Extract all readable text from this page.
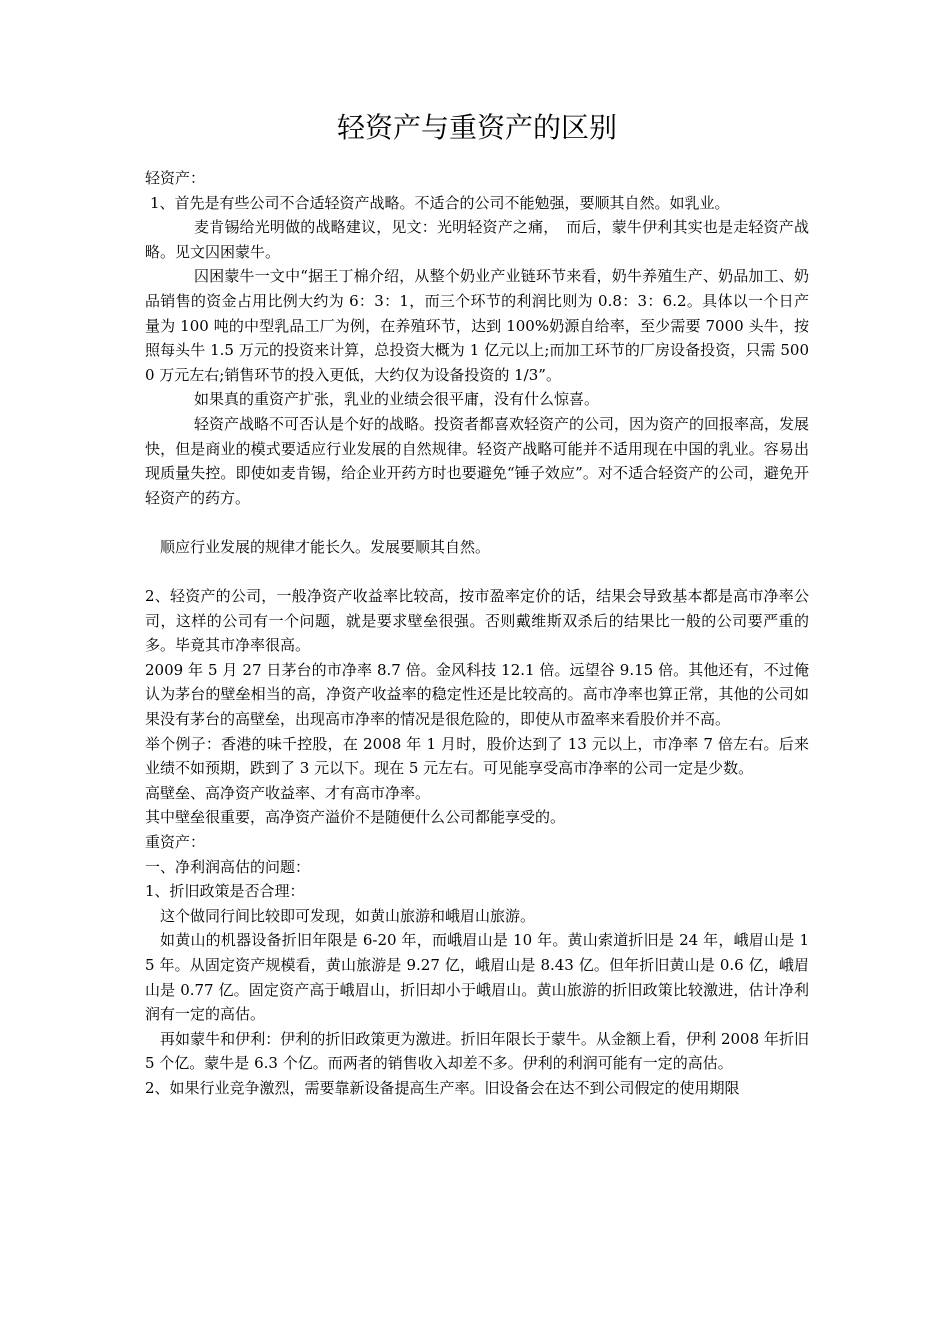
轻资产与重资产的区别

轻资产：

1、首先是有些公司不合适轻资产战略。不适合的公司不能勉强，要顺其自然。如乳业。

麦肯锡给光明做的战略建议，见文：光明轻资产之痛，　而后，蒙牛伊利其实也是走轻资产战略。见文囚困蒙牛。

囚困蒙牛一文中“据王丁棉介绍，从整个奶业产业链环节来看，奶牛养殖生产、奶品加工、奶品销售的资金占用比例大约为 6：3：1，而三个环节的利润比则为 0.8：3：6.2。具体以一个日产量为 100 吨的中型乳品工厂为例，在养殖环节，达到 100%奶源自给率，至少需要 7000 头牛，按照每头牛 1.5 万元的投资来计算，总投资大概为 1 亿元以上;而加工环节的厂房设备投资，只需 5000 万元左右;销售环节的投入更低，大约仅为设备投资的 1/3”。

如果真的重资产扩张，乳业的业绩会很平庸，没有什么惊喜。

轻资产战略不可否认是个好的战略。投资者都喜欢轻资产的公司，因为资产的回报率高，发展快，但是商业的模式要适应行业发展的自然规律。轻资产战略可能并不适用现在中国的乳业。容易出现质量失控。即使如麦肯锡，给企业开药方时也要避免“锤子效应”。对不适合轻资产的公司，避免开轻资产的药方。

顺应行业发展的规律才能长久。发展要顺其自然。

2、轻资产的公司，一般净资产收益率比较高，按市盈率定价的话，结果会导致基本都是高市净率公司，这样的公司有一个问题，就是要求壁垒很强。否则戴维斯双杀后的结果比一般的公司要严重的多。毕竟其市净率很高。

2009 年 5 月 27 日茅台的市净率 8.7 倍。金风科技 12.1 倍。远望谷 9.15 倍。其他还有，不过俺认为茅台的壁垒相当的高，净资产收益率的稳定性还是比较高的。高市净率也算正常，其他的公司如果没有茅台的高壁垒，出现高市净率的情况是很危险的，即使从市盈率来看股价并不高。

举个例子：香港的味千控股，在 2008 年 1 月时，股价达到了 13 元以上，市净率 7 倍左右。后来业绩不如预期，跌到了 3 元以下。现在 5 元左右。可见能享受高市净率的公司一定是少数。

高壁垒、高净资产收益率、才有高市净率。

其中壁垒很重要，高净资产溢价不是随便什么公司都能享受的。

重资产：

一、净利润高估的问题：

1、折旧政策是否合理：

这个做同行间比较即可发现，如黄山旅游和峨眉山旅游。

如黄山的机器设备折旧年限是 6-20 年，而峨眉山是 10 年。黄山索道折旧是 24 年，峨眉山是 15 年。从固定资产规模看，黄山旅游是 9.27 亿，峨眉山是 8.43 亿。但年折旧黄山是 0.6 亿，峨眉山是 0.77 亿。固定资产高于峨眉山，折旧却小于峨眉山。黄山旅游的折旧政策比较激进，估计净利润有一定的高估。

再如蒙牛和伊利：伊利的折旧政策更为激进。折旧年限长于蒙牛。从金额上看，伊利 2008 年折旧 5 个亿。蒙牛是 6.3 个亿。而两者的销售收入却差不多。伊利的利润可能有一定的高估。

2、如果行业竞争激烈，需要靠新设备提高生产率。旧设备会在达不到公司假定的使用期限
